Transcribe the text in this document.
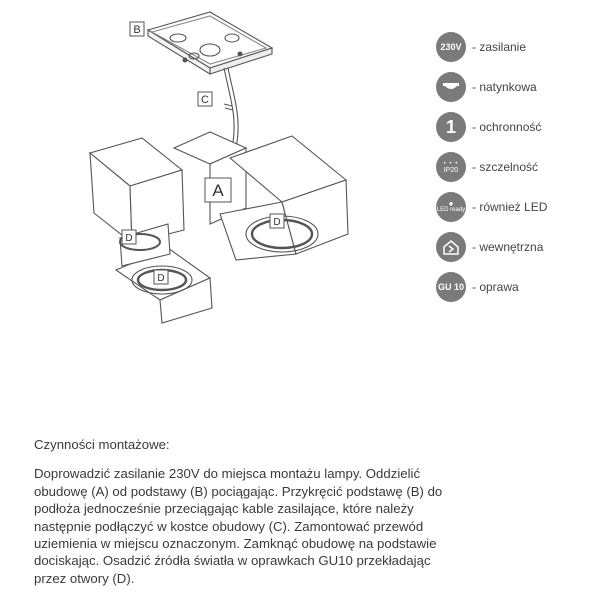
B
C
A
D
D
D
230V - zasilanie
- natynkowa
1	- ochronność
• • •
IP20 - szczelność
●
LED ready - również LED
- wewnętrzna
GU 10 - oprawa
Czynności montażowe:

Doprowadzić zasilanie 230V do miejsca montażu lampy. Oddzielić obudowę (A) od podstawy (B) pociągając. Przykręcić podstawę (B) do podłoża jednocześnie przeciągając kable zasilające, które należy następnie podłączyć w kostce obudowy (C). Zamontować przewód uziemienia w miejscu oznaczonym. Zamknąć obudowę na podstawie dociskając. Osadzić źródła światła w oprawkach GU10 przekładając przez otwory (D).
